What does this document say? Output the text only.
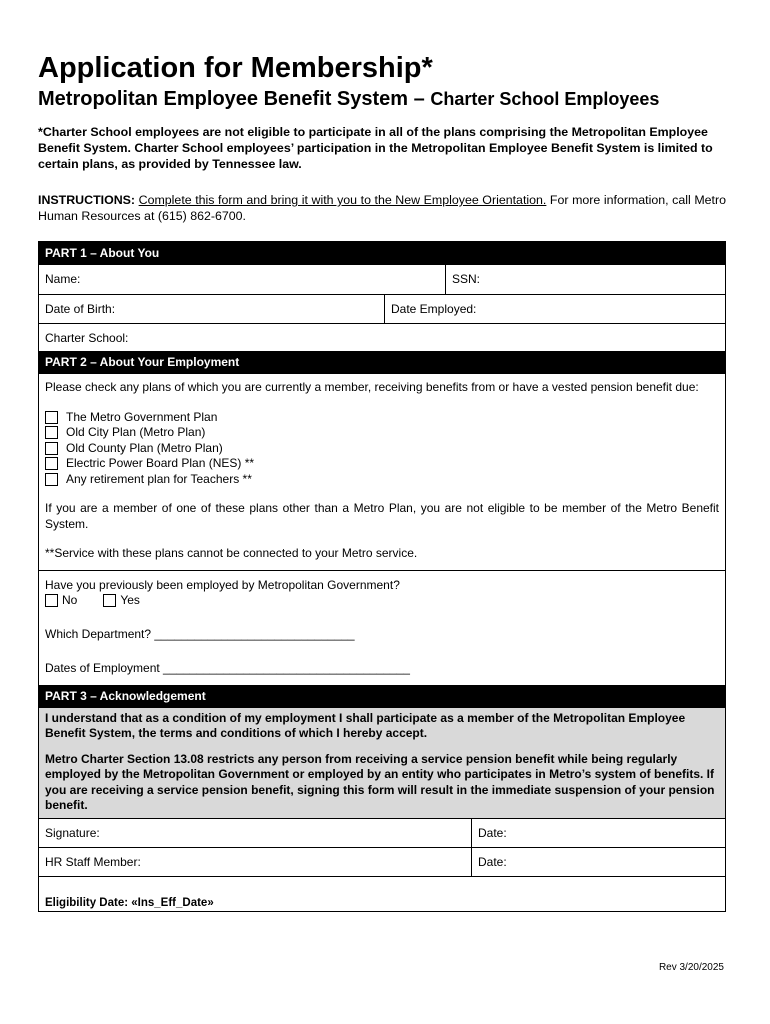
Application for Membership*
Metropolitan Employee Benefit System – Charter School Employees
*Charter School employees are not eligible to participate in all of the plans comprising the Metropolitan Employee Benefit System. Charter School employees’ participation in the Metropolitan Employee Benefit System is limited to certain plans, as provided by Tennessee law.
INSTRUCTIONS: Complete this form and bring it with you to the New Employee Orientation. For more information, call Metro Human Resources at (615) 862-6700.
PART 1 – About You
Name:	SSN:
Date of Birth:	Date Employed:
Charter School:
PART 2 – About Your Employment

Please check any plans of which you are currently a member, receiving benefits from or have a vested pension benefit due:

The Metro Government Plan
Old City Plan (Metro Plan)
Old County Plan (Metro Plan)
Electric Power Board Plan (NES) **
Any retirement plan for Teachers **

If you are a member of one of these plans other than a Metro Plan, you are not eligible to be member of the Metro Benefit System.

**Service with these plans cannot be connected to your Metro service.

Have you previously been employed by Metropolitan Government?

No	Yes

Which Department? ______________________________

Dates of Employment _____________________________________

PART 3 – Acknowledgement

I understand that as a condition of my employment I shall participate as a member of the Metropolitan Employee Benefit System, the terms and conditions of which I hereby accept.

Metro Charter Section 13.08 restricts any person from receiving a service pension benefit while being regularly employed by the Metropolitan Government or employed by an entity who participates in Metro’s system of benefits. If you are receiving a service pension benefit, signing this form will result in the immediate suspension of your pension benefit.

Signature:	Date:
HR Staff Member:	Date:
Eligibility Date: «Ins_Eff_Date»
Rev 3/20/2025
